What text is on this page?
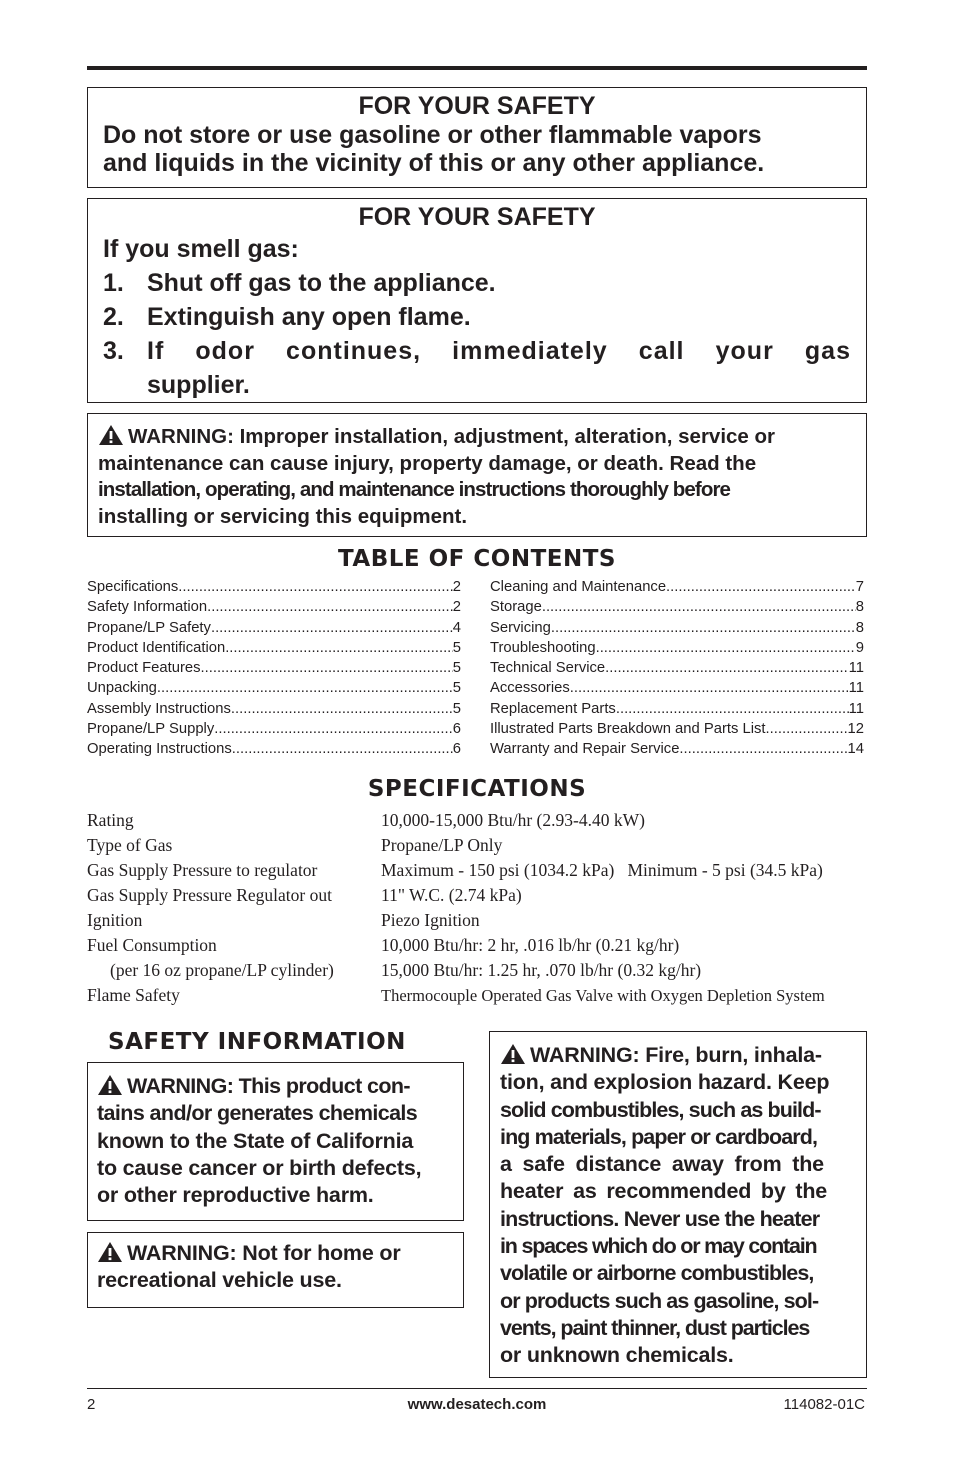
FOR YOUR SAFETY
Do not store or use gasoline or other flammable vapors
and liquids in the vicinity of this or any other appliance.
FOR YOUR SAFETY
If you smell gas:
1. Shut off gas to the appliance.
2. Extinguish any open flame.
3. If odor continues, immediately call your gas
supplier.
WARNING: Improper installation, adjustment, alteration, service or
maintenance can cause injury, property damage, or death. Read the
installation, operating, and maintenance instructions thoroughly before
installing or servicing this equipment.
TABLE OF CONTENTS
Specifications .....	2
Safety Information .....	2
Propane/LP Safety .....	4
Product Identification .....	5
Product Features .....	5
Unpacking .....	5
Assembly Instructions .....	5
Propane/LP Supply .....	6
Operating Instructions .....	6
Cleaning and Maintenance .....	7
Storage .....	8
Servicing .....	8
Troubleshooting .....	9
Technical Service .....	11
Accessories .....	11
Replacement Parts .....	11
Illustrated Parts Breakdown and Parts List .....	12
Warranty and Repair Service .....	14
SPECIFICATIONS
Rating	10,000-15,000 Btu/hr (2.93-4.40 kW)
Type of Gas	Propane/LP Only
Gas Supply Pressure to regulator	Maximum - 150 psi (1034.2 kPa)   Minimum - 5 psi (34.5 kPa)
Gas Supply Pressure Regulator out	11" W.C. (2.74 kPa)
Ignition	Piezo Ignition
Fuel Consumption	10,000 Btu/hr: 2 hr, .016 lb/hr (0.21 kg/hr)
(per 16 oz propane/LP cylinder)	15,000 Btu/hr: 1.25 hr, .070 lb/hr (0.32 kg/hr)
Flame Safety	Thermocouple Operated Gas Valve with Oxygen Depletion System
SAFETY INFORMATION
WARNING: This product con-
tains and/or generates chemicals
known to the State of California
to cause cancer or birth defects,
or other reproductive harm.
WARNING: Not for home or
recreational vehicle use.
WARNING: Fire, burn, inhala-
tion, and explosion hazard. Keep
solid combustibles, such as build-
ing materials, paper or cardboard,
a safe distance away from the
heater as recommended by the
instructions. Never use the heater
in spaces which do or may contain
volatile or airborne combustibles,
or products such as gasoline, sol-
vents, paint thinner, dust particles
or unknown chemicals.
2	www.desatech.com	114082-01C
